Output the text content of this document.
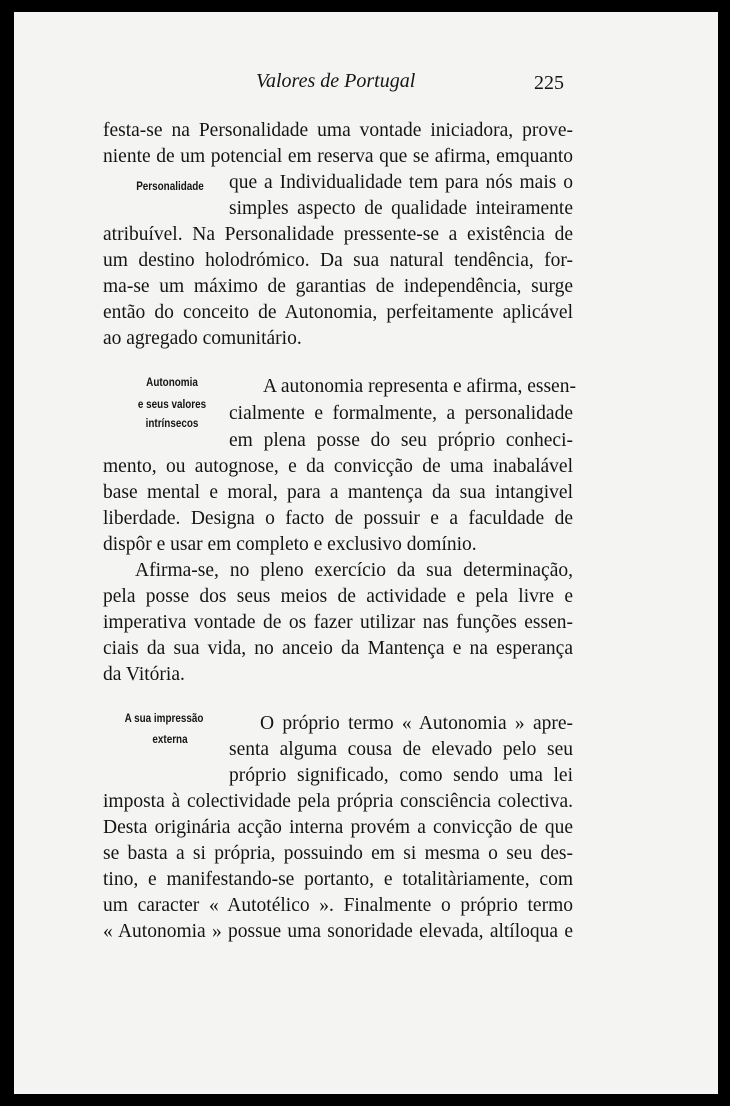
Valores de Portugal	225
festa-se na Personalidade uma vontade iniciadora, prove-
niente de um potencial em reserva que se afirma, emquanto
que a Individualidade tem para nós mais o
simples aspecto de qualidade inteiramente
atribuível. Na Personalidade pressente-se a existência de
um destino holodrómico. Da sua natural tendência, for-
ma-se um máximo de garantias de independência, surge
então do conceito de Autonomia, perfeitamente aplicável
ao agregado comunitário.
A autonomia representa e afirma, essen-
cialmente e formalmente, a personalidade
em plena posse do seu próprio conheci-
mento, ou autognose, e da convicção de uma inabalável
base mental e moral, para a mantença da sua intangivel
liberdade. Designa o facto de possuir e a faculdade de
dispôr e usar em completo e exclusivo domínio.
Afirma-se, no pleno exercício da sua determinação,
pela posse dos seus meios de actividade e pela livre e
imperativa vontade de os fazer utilizar nas funções essen-
ciais da sua vida, no anceio da Mantença e na esperança
da Vitória.
O próprio termo « Autonomia » apre-
senta alguma cousa de elevado pelo seu
próprio significado, como sendo uma lei
imposta à colectividade pela própria consciência colectiva.
Desta originária acção interna provém a convicção de que
se basta a si própria, possuindo em si mesma o seu des-
tino, e manifestando-se portanto, e totalitàriamente, com
um caracter « Autotélico ». Finalmente o próprio termo
« Autonomia » possue uma sonoridade elevada, altíloqua e
Personalidade
Autonomia
e seus valores
intrínsecos
A sua impressão
externa
